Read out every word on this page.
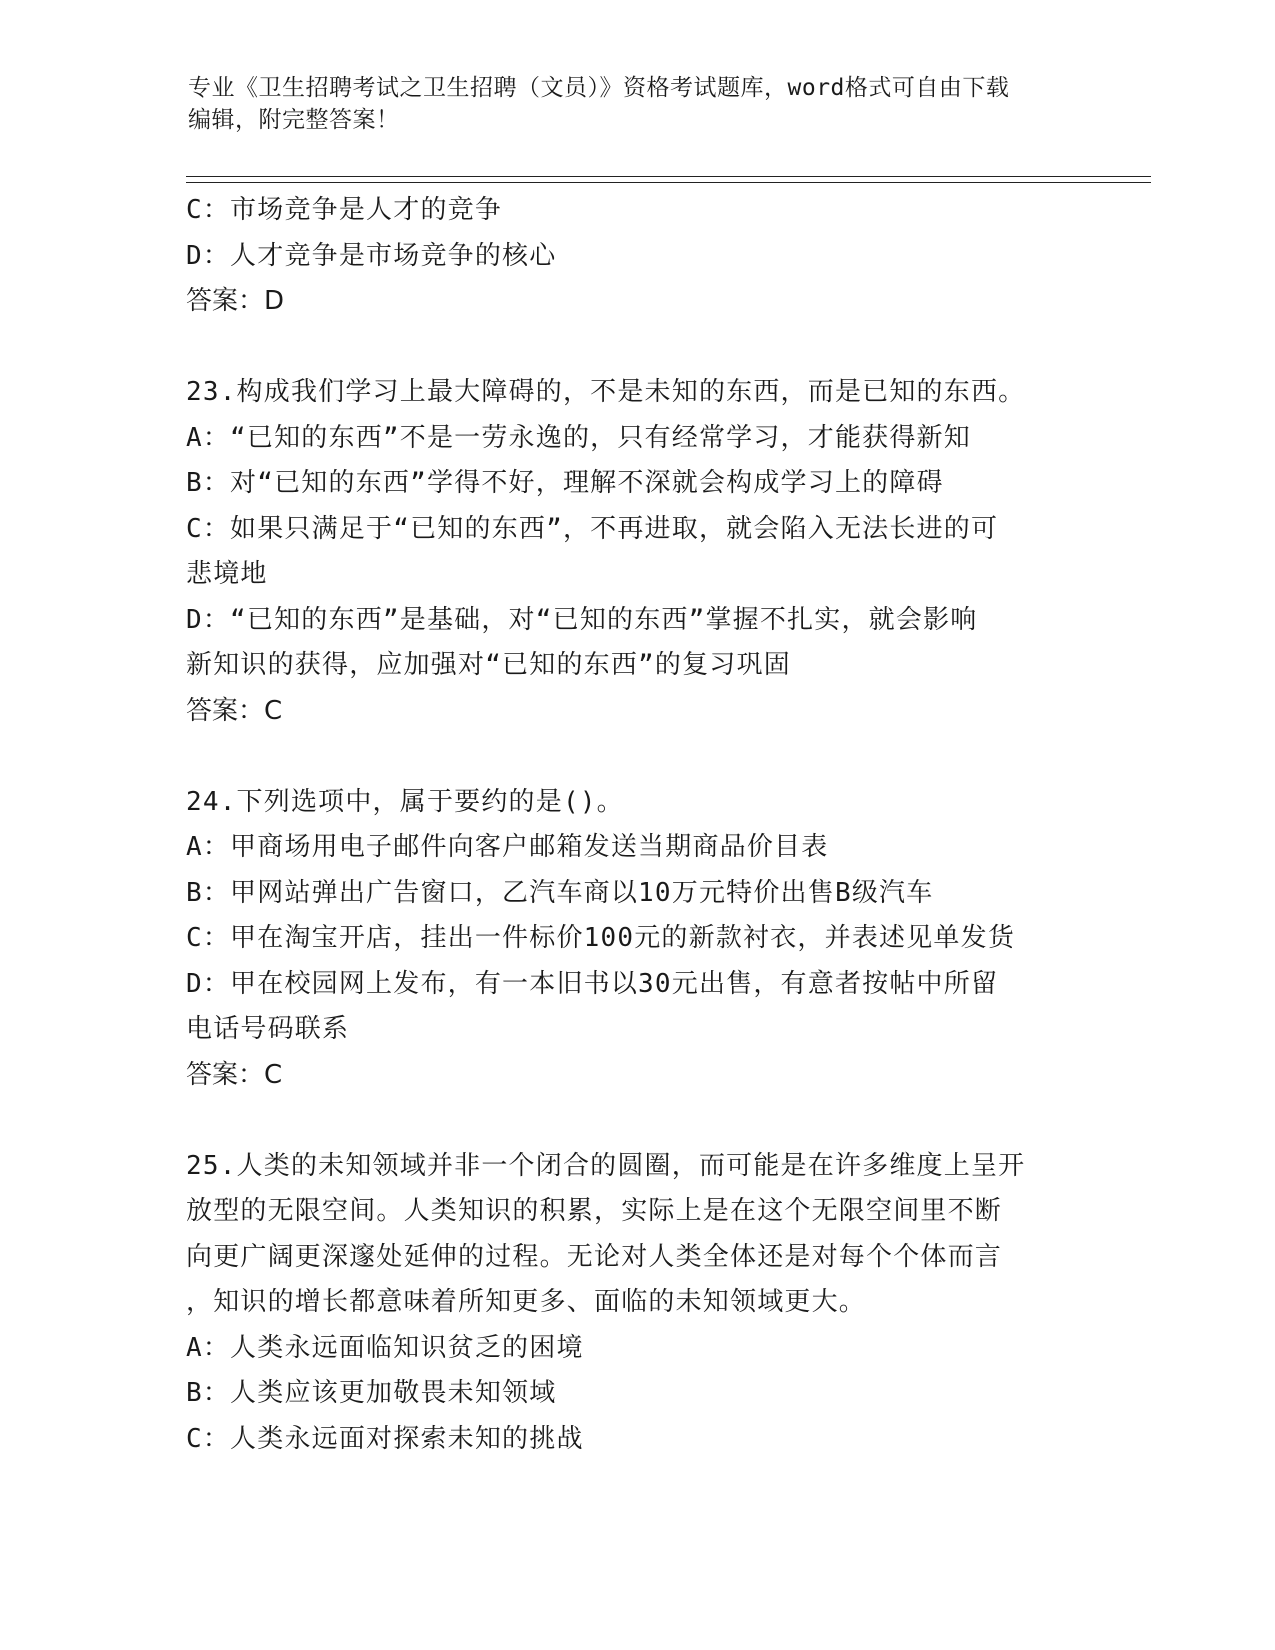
专业《卫生招聘考试之卫生招聘（文员）》资格考试题库，word格式可自由下载
编辑，附完整答案！
C：市场竞争是人才的竞争
D：人才竞争是市场竞争的核心
答案：D
23.构成我们学习上最大障碍的，不是未知的东西，而是已知的东西。
A：“已知的东西”不是一劳永逸的，只有经常学习，才能获得新知
B：对“已知的东西”学得不好，理解不深就会构成学习上的障碍
C：如果只满足于“已知的东西”，不再进取，就会陷入无法长进的可
悲境地
D：“已知的东西”是基础，对“已知的东西”掌握不扎实，就会影响
新知识的获得，应加强对“已知的东西”的复习巩固
答案：C
24.下列选项中，属于要约的是()。
A：甲商场用电子邮件向客户邮箱发送当期商品价目表
B：甲网站弹出广告窗口，乙汽车商以10万元特价出售B级汽车
C：甲在淘宝开店，挂出一件标价100元的新款衬衣，并表述见单发货
D：甲在校园网上发布，有一本旧书以30元出售，有意者按帖中所留
电话号码联系
答案：C
25.人类的未知领域并非一个闭合的圆圈，而可能是在许多维度上呈开
放型的无限空间。人类知识的积累，实际上是在这个无限空间里不断
向更广阔更深邃处延伸的过程。无论对人类全体还是对每个个体而言
，知识的增长都意味着所知更多、面临的未知领域更大。
A：人类永远面临知识贫乏的困境
B：人类应该更加敬畏未知领域
C：人类永远面对探索未知的挑战
